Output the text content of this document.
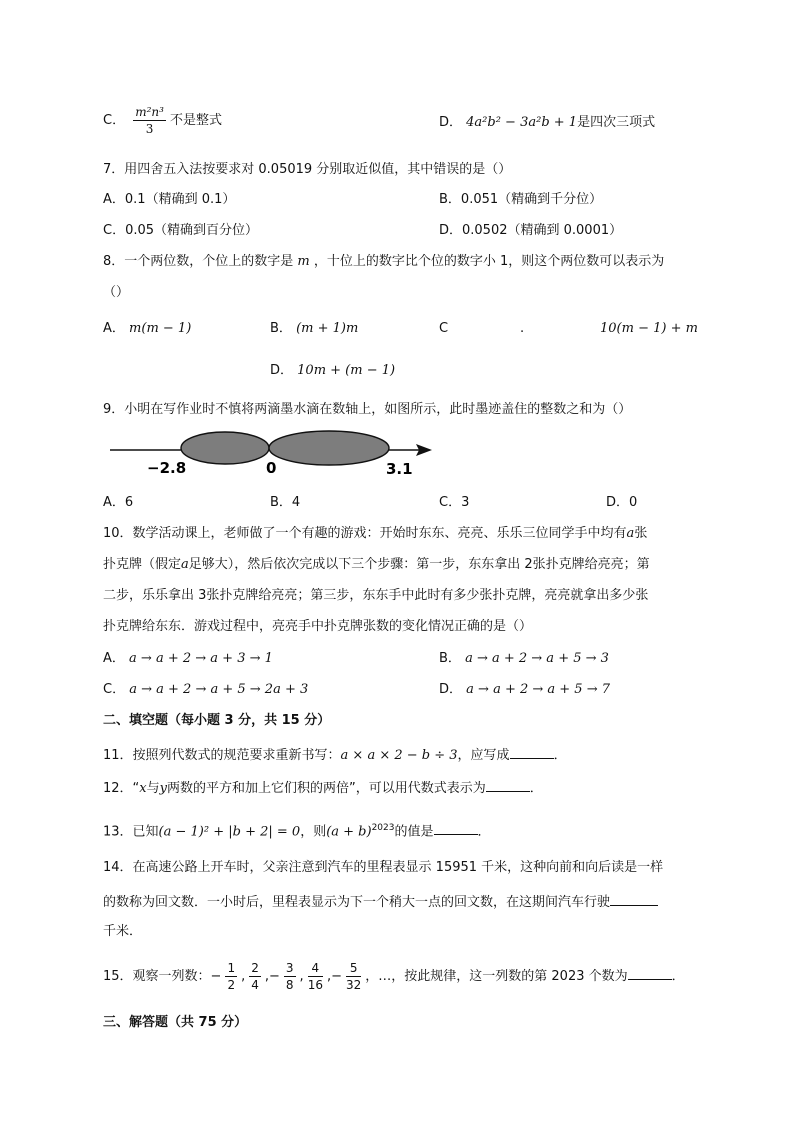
C． $\frac{\text{m²n³}}{3}$ 不是整式	D． 4a²b² − 3a²b + 1是四次三项式
7．用四舍五入法按要求对 0.05019 分别取近似值，其中错误的是（）
A．0.1（精确到 0.1）	B．0.051（精确到千分位）
C．0.05（精确到百分位）	D．0.0502（精确到 0.0001）
8．一个两位数，个位上的数字是 m ，十位上的数字比个位的数字小 1，则这个两位数可以表示为
（）
A． m(m − 1)	B． (m + 1)m	C	.	10(m − 1) + m
D． 10m + (m − 1)
9．小明在写作业时不慎将两滴墨水滴在数轴上，如图所示，此时墨迹盖住的整数之和为（）
−2.8	0	3.1
A．6	B．4	C．3	D．0
10．数学活动课上，老师做了一个有趣的游戏：开始时东东、亮亮、乐乐三位同学手中均有a张
扑克牌（假定a足够大），然后依次完成以下三个步骤：第一步，东东拿出 2张扑克牌给亮亮；第
二步，乐乐拿出 3张扑克牌给亮亮；第三步，东东手中此时有多少张扑克牌，亮亮就拿出多少张
扑克牌给东东．游戏过程中，亮亮手中扑克牌张数的变化情况正确的是（）
A． a → a + 2 → a + 3 → 1	B． a → a + 2 → a + 5 → 3
C． a → a + 2 → a + 5 → 2a + 3	D． a → a + 2 → a + 5 → 7
二、填空题（每小题 3 分，共 15 分）
11．按照列代数式的规范要求重新书写：a × a × 2 − b ÷ 3，应写成	．
12．“x与y两数的平方和加上它们积的两倍”，可以用代数式表示为	．
13．已知(a − 1)² + |b + 2| = 0，则$(a + b)^{2023}$的值是	．
14．在高速公路上开车时，父亲注意到汽车的里程表显示 15951 千米，这种向前和向后读是一样
的数称为回文数．一小时后，里程表显示为下一个稍大一点的回文数，在这期间汽车行驶
千米．
15．观察一列数：− $\frac{1}{2}$ , $\frac{2}{4}$ ,− $\frac{3}{8}$ , $\frac{4}{16}$ ,− $\frac{5}{32}$ ，…，按此规律，这一列数的第 2023 个数为	．
三、解答题（共 75 分）
